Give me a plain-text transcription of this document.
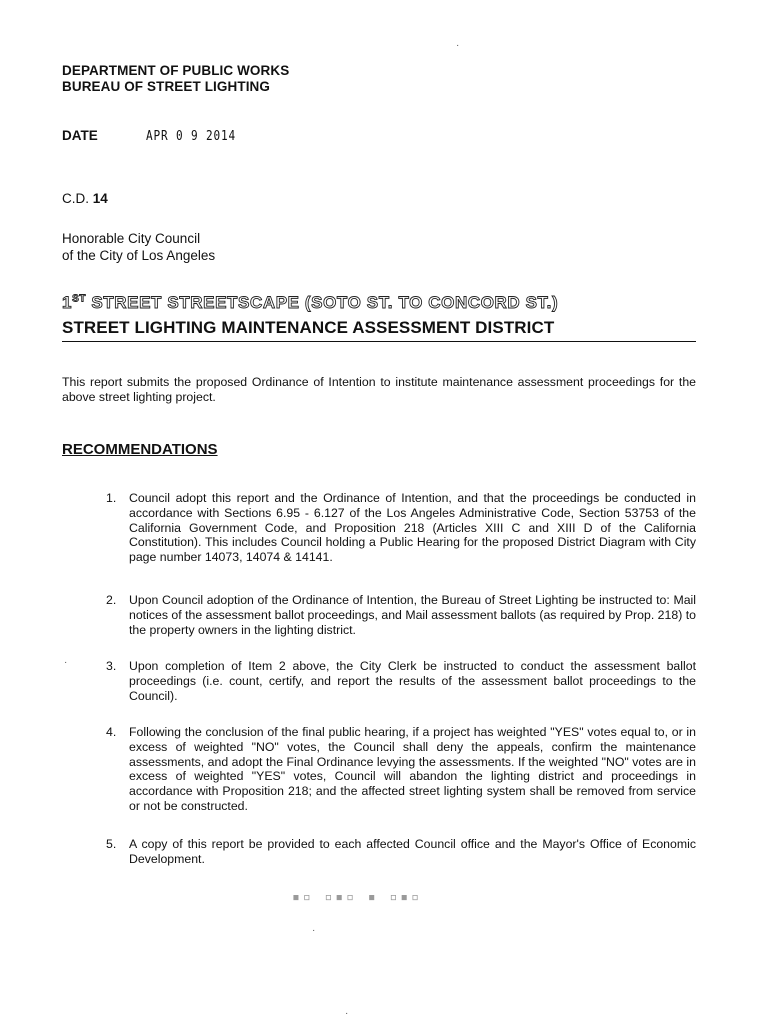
DEPARTMENT OF PUBLIC WORKS
BUREAU OF STREET LIGHTING
DATE	APR 0 9 2014
C.D. 14
Honorable City Council
of the City of Los Angeles
1ST STREET STREETSCAPE (SOTO ST. TO CONCORD ST.)
STREET LIGHTING MAINTENANCE ASSESSMENT DISTRICT
This report submits the proposed Ordinance of Intention to institute maintenance assessment proceedings for the above street lighting project.
RECOMMENDATIONS
1.	Council adopt this report and the Ordinance of Intention, and that the proceedings be conducted in accordance with Sections 6.95 - 6.127 of the Los Angeles Administrative Code, Section 53753 of the California Government Code, and Proposition 218 (Articles XIII C and XIII D of the California Constitution). This includes Council holding a Public Hearing for the proposed District Diagram with City page number 14073, 14074 & 14141.
2.	Upon Council adoption of the Ordinance of Intention, the Bureau of Street Lighting be instructed to: Mail notices of the assessment ballot proceedings, and Mail assessment ballots (as required by Prop. 218) to the property owners in the lighting district.
3.	Upon completion of Item 2 above, the City Clerk be instructed to conduct the assessment ballot proceedings (i.e. count, certify, and report the results of the assessment ballot proceedings to the Council).
4.	Following the conclusion of the final public hearing, if a project has weighted "YES" votes equal to, or in excess of weighted "NO" votes, the Council shall deny the appeals, confirm the maintenance assessments, and adopt the Final Ordinance levying the assessments. If the weighted "NO" votes are in excess of weighted "YES" votes, Council will abandon the lighting district and proceedings in accordance with Proposition 218; and the affected street lighting system shall be removed from service or not be constructed.
5.	A copy of this report be provided to each affected Council office and the Mayor's Office of Economic Development.
·
·
·
·
▪▫ ▫▪▫ ▪ ▫▪▫
